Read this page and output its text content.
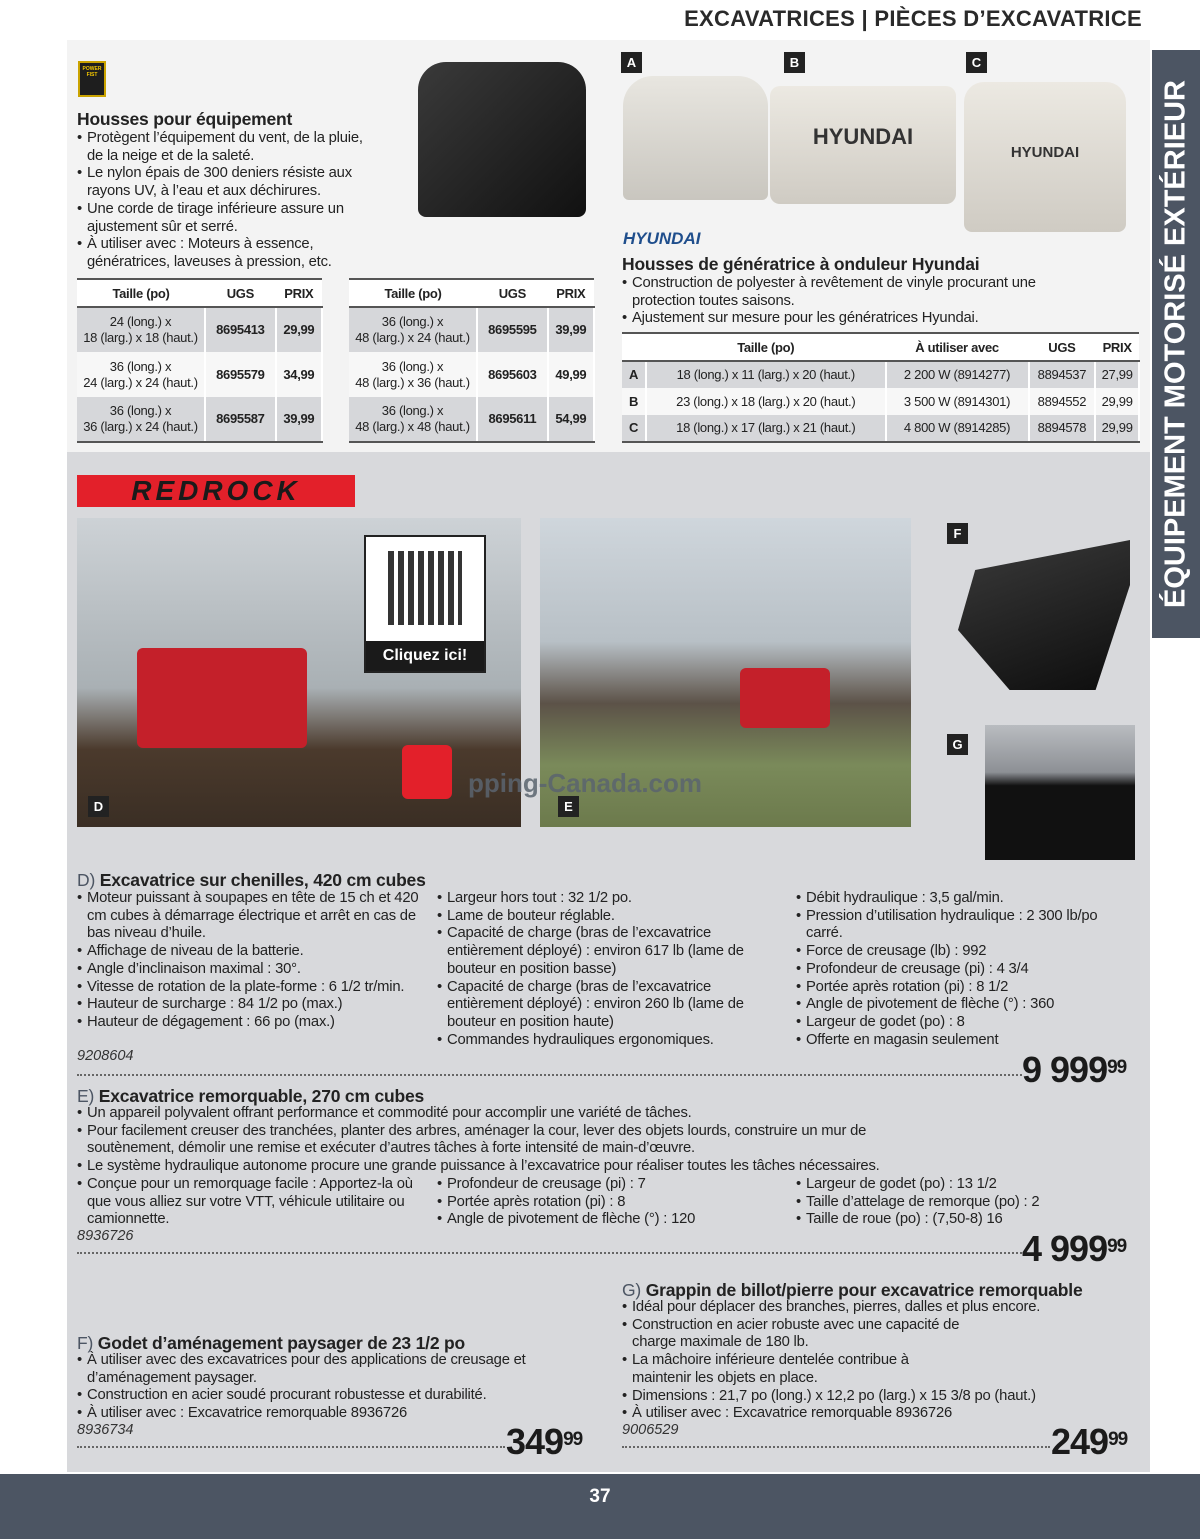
EXCAVATRICES | PIÈCES D’EXCAVATRICE
ÉQUIPEMENT MOTORISÉ EXTÉRIEUR
POWER
FIST
Housses pour équipement
• Protègent l’équipement du vent, de la pluie, de la neige et de la saleté.
• Le nylon épais de 300 deniers résiste aux rayons UV, à l’eau et aux déchirures.
• Une corde de tirage inférieure assure un ajustement sûr et serré.
• À utiliser avec : Moteurs à essence, génératrices, laveuses à pression, etc.
Taille (po)	UGS	PRIX
24 (long.) x
18 (larg.) x 18 (haut.)	8695413	29,99
36 (long.) x
24 (larg.) x 24 (haut.)	8695579	34,99
36 (long.) x
36 (larg.) x 24 (haut.)	8695587	39,99
Taille (po)	UGS	PRIX
36 (long.) x
48 (larg.) x 24 (haut.)	8695595	39,99
36 (long.) x
48 (larg.) x 36 (haut.)	8695603	49,99
36 (long.) x
48 (larg.) x 48 (haut.)	8695611	54,99
A	B	C
HYUNDAI
HYUNDAI
HYUNDAI
Housses de génératrice à onduleur Hyundai
• Construction de polyester à revêtement de vinyle procurant une protection toutes saisons.
• Ajustement sur mesure pour les génératrices Hyundai.
	Taille (po)	À utiliser avec	UGS	PRIX
A	18 (long.) x 11 (larg.) x 20 (haut.)	2 200 W (8914277)	8894537	27,99
B	23 (long.) x 18 (larg.) x 20 (haut.)	3 500 W (8914301)	8894552	29,99
C	18 (long.) x 17 (larg.) x 21 (haut.)	4 800 W (8914285)	8894578	29,99
REDROCK
Cliquez ici!
pping-Canada.com
D	E
F
G
D) Excavatrice sur chenilles, 420 cm cubes
• Moteur puissant à soupapes en tête de 15 ch et 420 cm cubes à démarrage électrique et arrêt en cas de bas niveau d’huile.
• Affichage de niveau de la batterie.
• Angle d’inclinaison maximal : 30°.
• Vitesse de rotation de la plate-forme : 6 1/2 tr/min.
• Hauteur de surcharge : 84 1/2 po (max.)
• Hauteur de dégagement : 66 po (max.)
• Largeur hors tout : 32 1/2 po.
• Lame de bouteur réglable.
• Capacité de charge (bras de l’excavatrice entièrement déployé) : environ 617 lb (lame de bouteur en position basse)
• Capacité de charge (bras de l’excavatrice entièrement déployé) : environ 260 lb (lame de bouteur en position haute)
• Commandes hydrauliques ergonomiques.
• Débit hydraulique : 3,5 gal/min.
• Pression d’utilisation hydraulique : 2 300 lb/po carré.
• Force de creusage (lb) : 992
• Profondeur de creusage (pi) : 4 3/4
• Portée après rotation (pi) : 8 1/2
• Angle de pivotement de flèche (°) : 360
• Largeur de godet (po) : 8
• Offerte en magasin seulement
9208604	9 $999^{99}$
E) Excavatrice remorquable, 270 cm cubes
• Un appareil polyvalent offrant performance et commodité pour accomplir une variété de tâches.
• Pour facilement creuser des tranchées, planter des arbres, aménager la cour, lever des objets lourds, construire un mur de soutènement, démolir une remise et exécuter d’autres tâches à forte intensité de main-d’œuvre.
• Le système hydraulique autonome procure une grande puissance à l’excavatrice pour réaliser toutes les tâches nécessaires.
• Conçue pour un remorquage facile : Apportez-la où que vous alliez sur votre VTT, véhicule utilitaire ou camionnette.
• Profondeur de creusage (pi) : 7
• Portée après rotation (pi) : 8
• Angle de pivotement de flèche (°) : 120
• Largeur de godet (po) : 13 1/2
• Taille d’attelage de remorque (po) : 2
• Taille de roue (po) : (7,50-8) 16
8936726	4 $999^{99}$
F) Godet d’aménagement paysager de 23 1/2 po
• À utiliser avec des excavatrices pour des applications de creusage et d’aménagement paysager.
• Construction en acier soudé procurant robustesse et durabilité.
• À utiliser avec : Excavatrice remorquable 8936726
8936734	$349^{99}$
G) Grappin de billot/pierre pour excavatrice remorquable
• Idéal pour déplacer des branches, pierres, dalles et plus encore.
• Construction en acier robuste avec une capacité de charge maximale de 180 lb.
• La mâchoire inférieure dentelée contribue à maintenir les objets en place.
• Dimensions : 21,7 po (long.) x 12,2 po (larg.) x 15 3/8 po (haut.)
• À utiliser avec : Excavatrice remorquable 8936726
9006529	$249^{99}$
37
